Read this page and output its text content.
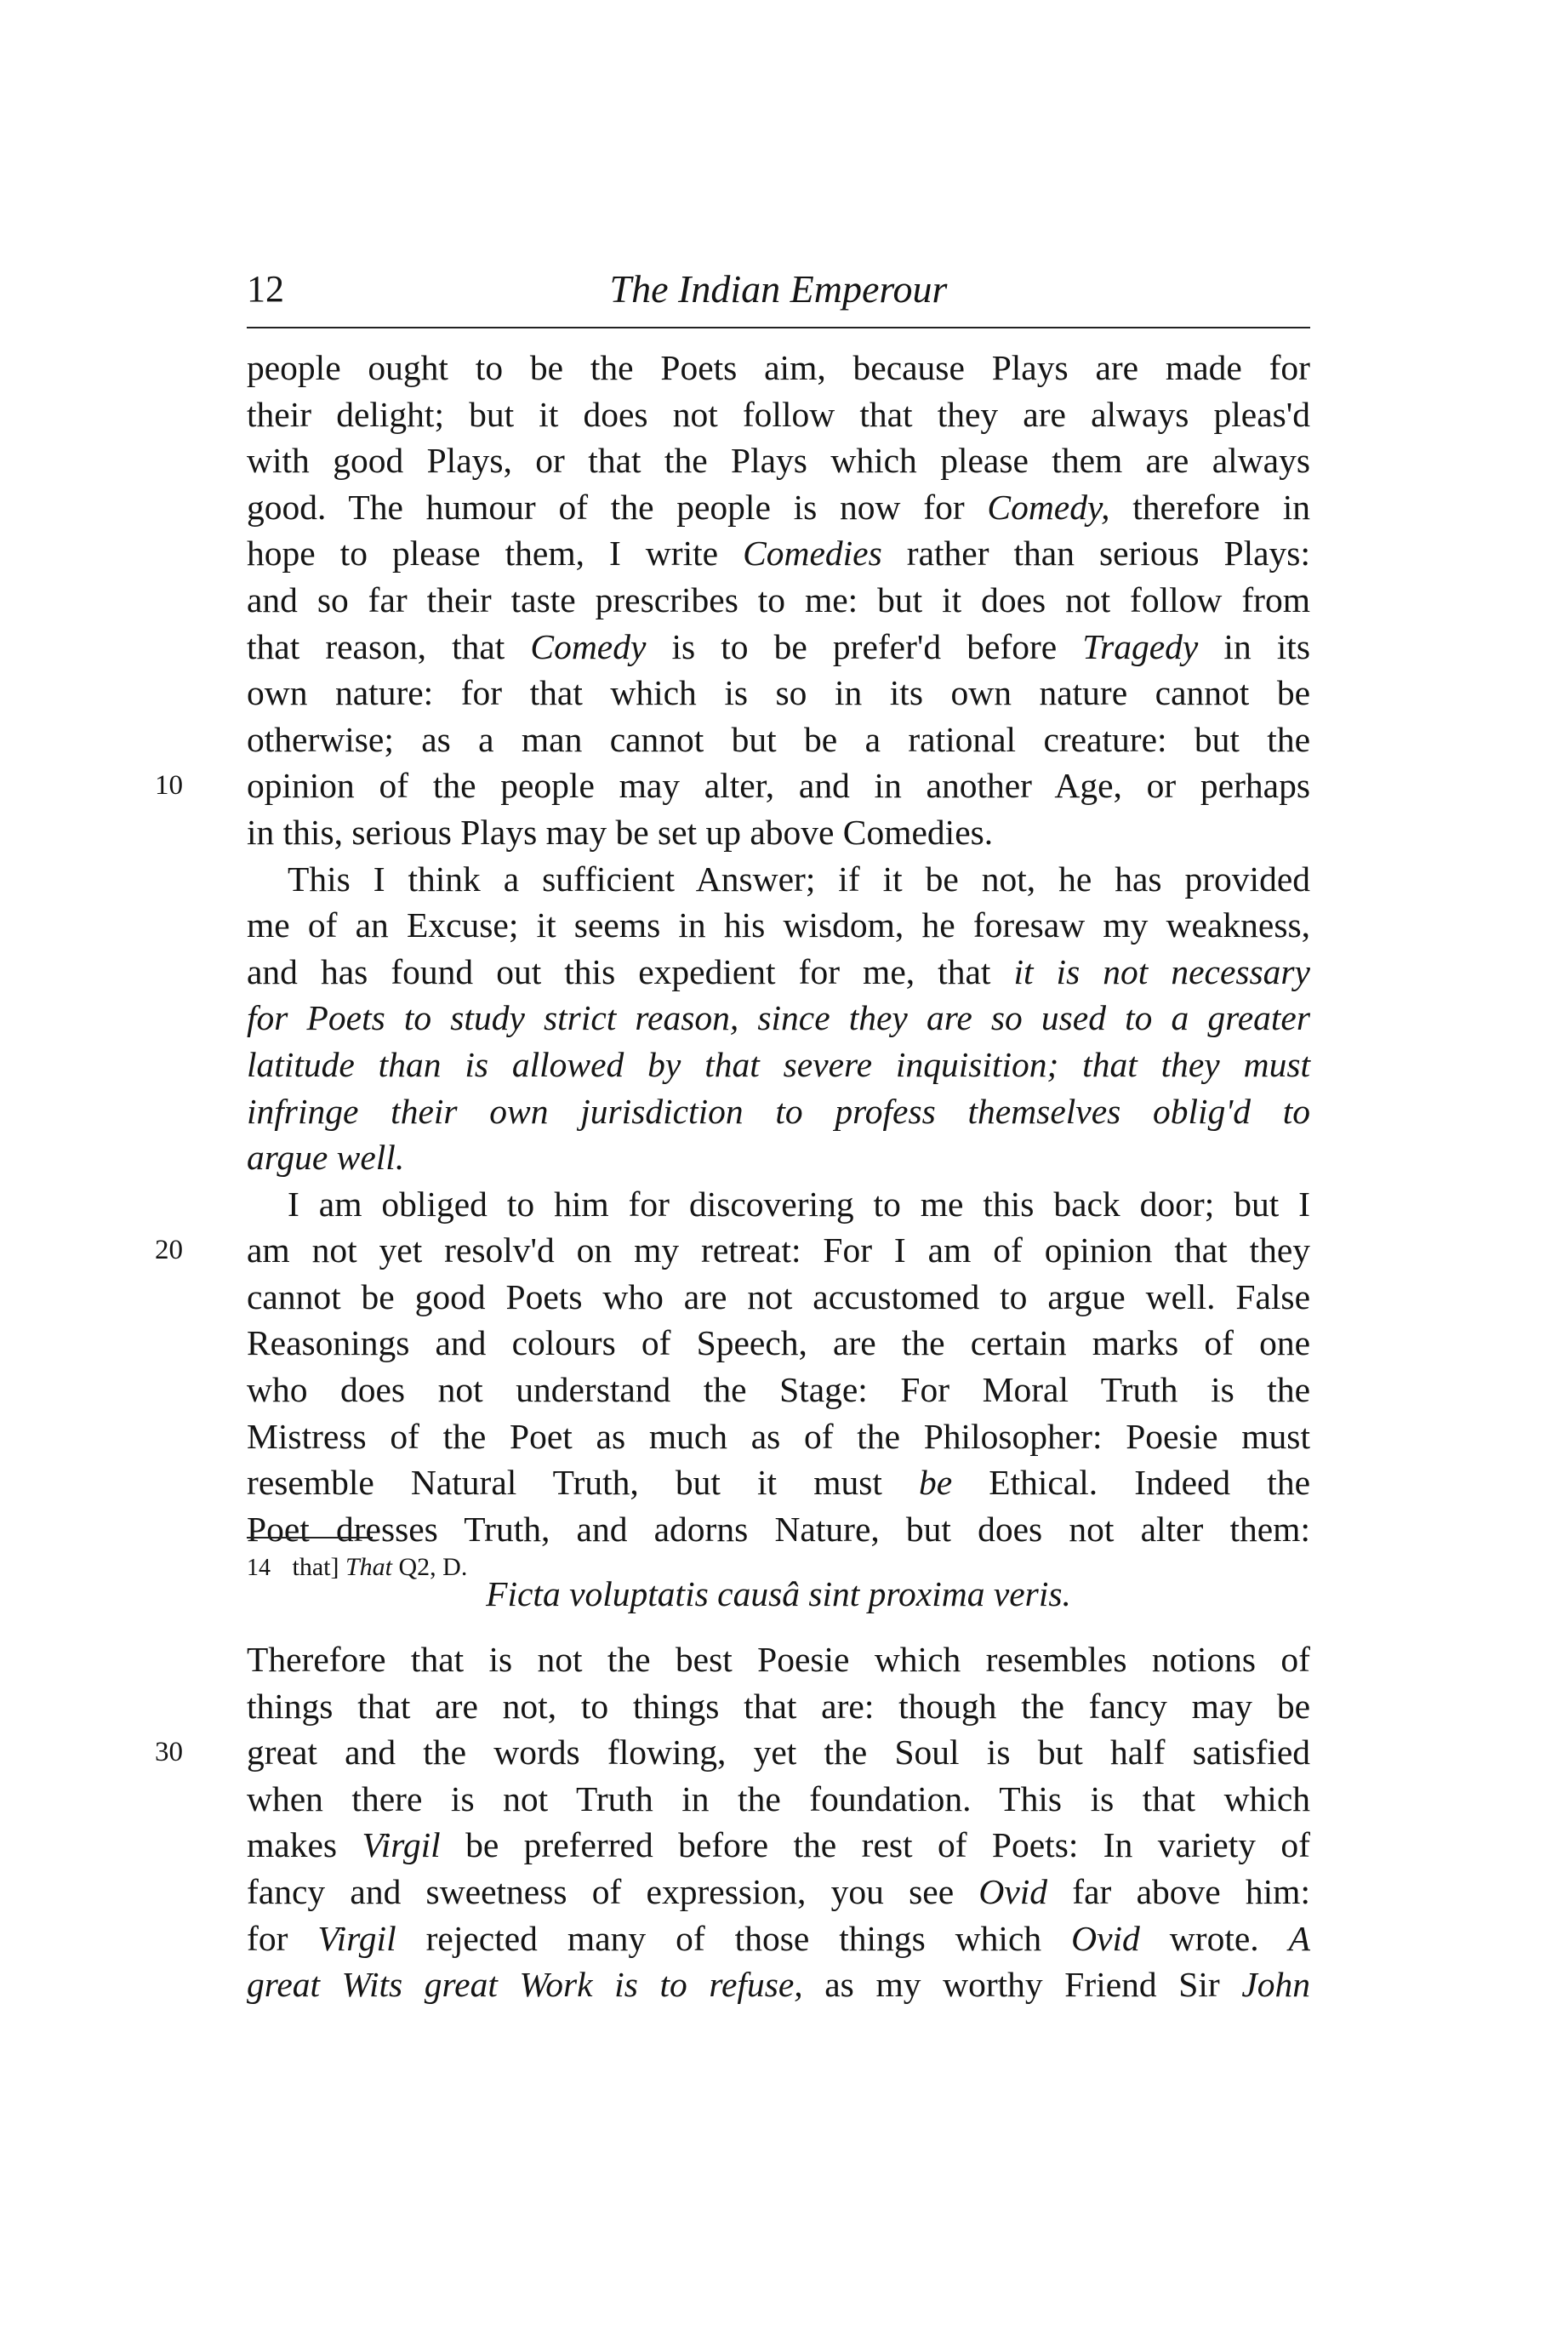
12	The Indian Emperour
people ought to be the Poets aim, because Plays are made for
their delight; but it does not follow that they are always pleas'd
with good Plays, or that the Plays which please them are always
good. The humour of the people is now for Comedy, therefore in
hope to please them, I write Comedies rather than serious Plays:
and so far their taste prescribes to me: but it does not follow from
that reason, that Comedy is to be prefer'd before Tragedy in its
own nature: for that which is so in its own nature cannot be
otherwise; as a man cannot but be a rational creature: but the
10	opinion of the people may alter, and in another Age, or perhaps
in this, serious Plays may be set up above Comedies.
This I think a sufficient Answer; if it be not, he has provided
me of an Excuse; it seems in his wisdom, he foresaw my weakness,
and has found out this expedient for me, that it is not necessary
for Poets to study strict reason, since they are so used to a greater
latitude than is allowed by that severe inquisition; that they must
infringe their own jurisdiction to profess themselves oblig'd to
argue well.
I am obliged to him for discovering to me this back door; but I
20	am not yet resolv'd on my retreat: For I am of opinion that they
cannot be good Poets who are not accustomed to argue well. False
Reasonings and colours of Speech, are the certain marks of one
who does not understand the Stage: For Moral Truth is the
Mistress of the Poet as much as of the Philosopher: Poesie must
resemble Natural Truth, but it must be Ethical. Indeed the
Poet dresses Truth, and adorns Nature, but does not alter them:
Ficta voluptatis causâ sint proxima veris.
Therefore that is not the best Poesie which resembles notions of
things that are not, to things that are: though the fancy may be
30	great and the words flowing, yet the Soul is but half satisfied
when there is not Truth in the foundation. This is that which
makes Virgil be preferred before the rest of Poets: In variety of
fancy and sweetness of expression, you see Ovid far above him:
for Virgil rejected many of those things which Ovid wrote. A
great Wits great Work is to refuse, as my worthy Friend Sir John
14 that] That Q2, D.
